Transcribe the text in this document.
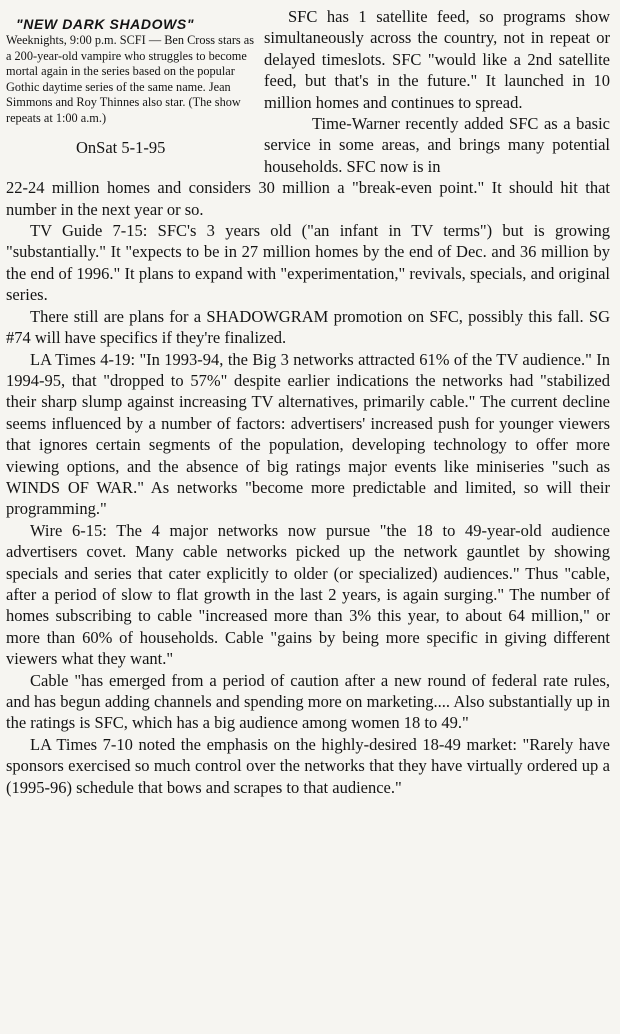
"NEW DARK SHADOWS"

Weeknights, 9:00 p.m. SCFI — Ben Cross stars as a 200-year-old vampire who struggles to become mortal again in the series based on the popular Gothic daytime series of the same name. Jean Simmons and Roy Thinnes also star. (The show repeats at 1:00 a.m.)

OnSat 5-1-95

SFC has 1 satellite feed, so programs show simultaneously across the country, not in repeat or delayed timeslots. SFC "would like a 2nd satellite feed, but that's in the future." It launched in 10 million homes and continues to spread.

Time-Warner recently added SFC as a basic service in some areas, and brings many potential households. SFC now is in

22-24 million homes and considers 30 million a "break-even point." It should hit that number in the next year or so.

TV Guide 7-15: SFC's 3 years old ("an infant in TV terms") but is growing "substantially." It "expects to be in 27 million homes by the end of Dec. and 36 million by the end of 1996." It plans to expand with "experimentation," revivals, specials, and original series.

There still are plans for a SHADOWGRAM promotion on SFC, possibly this fall. SG #74 will have specifics if they're finalized.

LA Times 4-19: "In 1993-94, the Big 3 networks attracted 61% of the TV audience." In 1994-95, that "dropped to 57%" despite earlier indications the networks had "stabilized their sharp slump against increasing TV alternatives, primarily cable." The current decline seems influenced by a number of factors: advertisers' increased push for younger viewers that ignores certain segments of the population, developing technology to offer more viewing options, and the absence of big ratings major events like miniseries "such as WINDS OF WAR." As networks "become more predictable and limited, so will their programming."

Wire 6-15: The 4 major networks now pursue "the 18 to 49-year-old audience advertisers covet. Many cable networks picked up the network gauntlet by showing specials and series that cater explicitly to older (or specialized) audiences." Thus "cable, after a period of slow to flat growth in the last 2 years, is again surging." The number of homes subscribing to cable "increased more than 3% this year, to about 64 million," or more than 60% of households. Cable "gains by being more specific in giving different viewers what they want."

Cable "has emerged from a period of caution after a new round of federal rate rules, and has begun adding channels and spending more on marketing.... Also substantially up in the ratings is SFC, which has a big audience among women 18 to 49."

LA Times 7-10 noted the emphasis on the highly-desired 18-49 market: "Rarely have sponsors exercised so much control over the networks that they have virtually ordered up a (1995-96) schedule that bows and scrapes to that audience."
